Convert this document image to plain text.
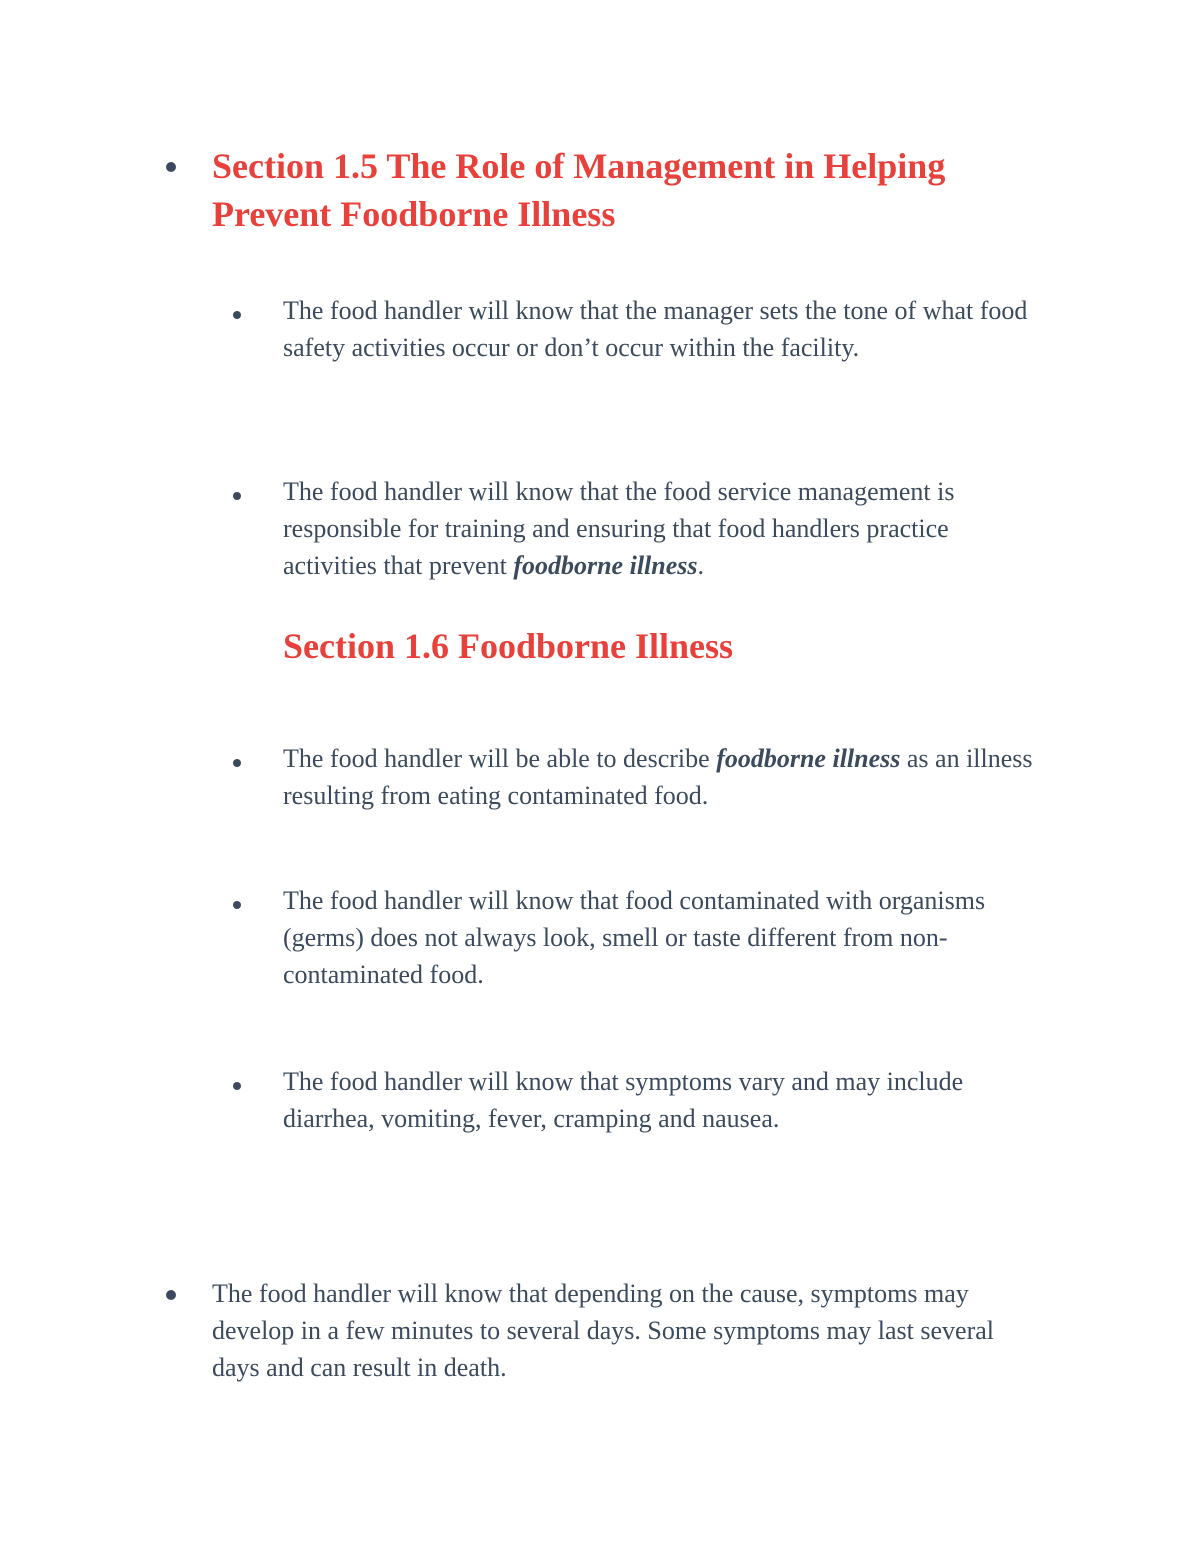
Section 1.5 The Role of Management in Helping Prevent Foodborne Illness

The food handler will know that the manager sets the tone of what food safety activities occur or don’t occur within the facility.

The food handler will know that the food service management is responsible for training and ensuring that food handlers practice activities that prevent foodborne illness.

Section 1.6 Foodborne Illness

The food handler will be able to describe foodborne illness as an illness resulting from eating contaminated food.

The food handler will know that food contaminated with organisms (germs) does not always look, smell or taste different from non-contaminated food.

The food handler will know that symptoms vary and may include diarrhea, vomiting, fever, cramping and nausea.

The food handler will know that depending on the cause, symptoms may develop in a few minutes to several days. Some symptoms may last several days and can result in death.
